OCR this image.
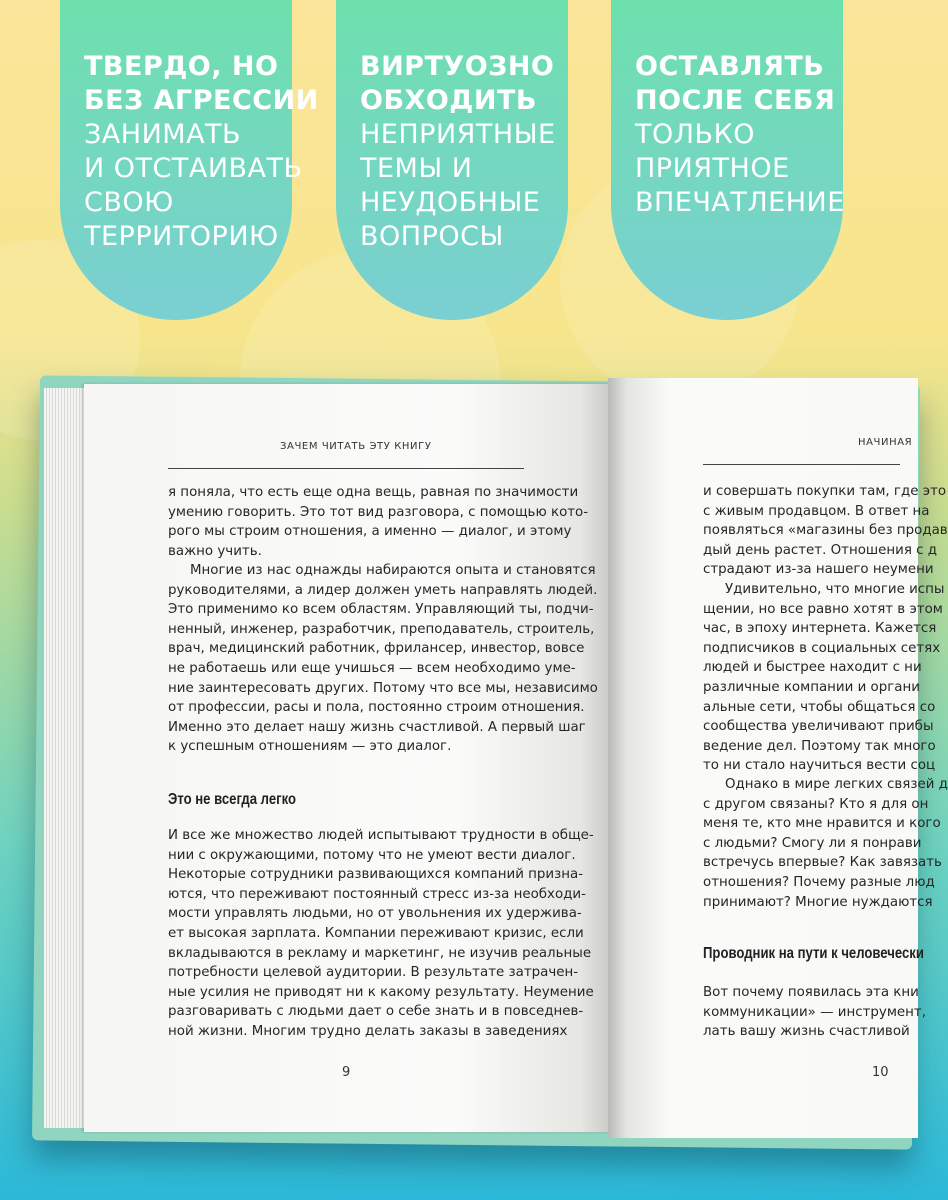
ТВЕРДО, НО
БЕЗ АГРЕССИИ
ЗАНИМАТЬ
И ОТСТАИВАТЬ
СВОЮ
ТЕРРИТОРИЮ
ВИРТУОЗНО
ОБХОДИТЬ
НЕПРИЯТНЫЕ
ТЕМЫ И
НЕУДОБНЫЕ
ВОПРОСЫ
ОСТАВЛЯТЬ
ПОСЛЕ СЕБЯ
ТОЛЬКО
ПРИЯТНОЕ
ВПЕЧАТЛЕНИЕ
ЗАЧЕМ ЧИТАТЬ ЭТУ КНИГУ
я поняла, что есть еще одна вещь, равная по значимости
умению говорить. Это тот вид разговора, с помощью кото-
рого мы строим отношения, а именно — диалог, и этому
важно учить.
Многие из нас однажды набираются опыта и становятся
руководителями, а лидер должен уметь направлять людей.
Это применимо ко всем областям. Управляющий ты, подчи-
ненный, инженер, разработчик, преподаватель, строитель,
врач, медицинский работник, фрилансер, инвестор, вовсе
не работаешь или еще учишься — всем необходимо уме-
ние заинтересовать других. Потому что все мы, независимо
от профессии, расы и пола, постоянно строим отношения.
Именно это делает нашу жизнь счастливой. А первый шаг
к успешным отношениям — это диалог.
Это не всегда легко
И все же множество людей испытывают трудности в обще-
нии с окружающими, потому что не умеют вести диалог.
Некоторые сотрудники развивающихся компаний призна-
ются, что переживают постоянный стресс из-за необходи-
мости управлять людьми, но от увольнения их удерживa-
ет высокая зарплата. Компании переживают кризис, если
вкладываются в рекламу и маркетинг, не изучив реальные
потребности целевой аудитории. В результате затрачен-
ные усилия не приводят ни к какому результату. Неумение
разговаривать с людьми дает о себе знать и в повседнев-
ной жизни. Многим трудно делать заказы в заведениях
9
НАЧИНАЯ
и совершать покупки там, где это
с живым продавцом. В ответ на
появляться «магазины без продав
дый день растет. Отношения с д
страдают из-за нашего неумени
Удивительно, что многие испы
щении, но все равно хотят в этом
час, в эпоху интернета. Кажется
подписчиков в социальных сетях
людей и быстрее находит с ни
различные компании и органи
альные сети, чтобы общаться со
сообщества увеличивают прибы
ведение дел. Поэтому так много
то ни стало научиться вести соц
Однако в мире легких связей д
с другом связаны? Кто я для он
меня те, кто мне нравится и кого
с людьми? Смогу ли я понрави
встречусь впервые? Как завязать
отношения? Почему разные люд
принимают? Многие нуждаются
Проводник на пути к человечески
Вот почему появилась эта кни
коммуникации» — инструмент,
лать вашу жизнь счастливой
10
